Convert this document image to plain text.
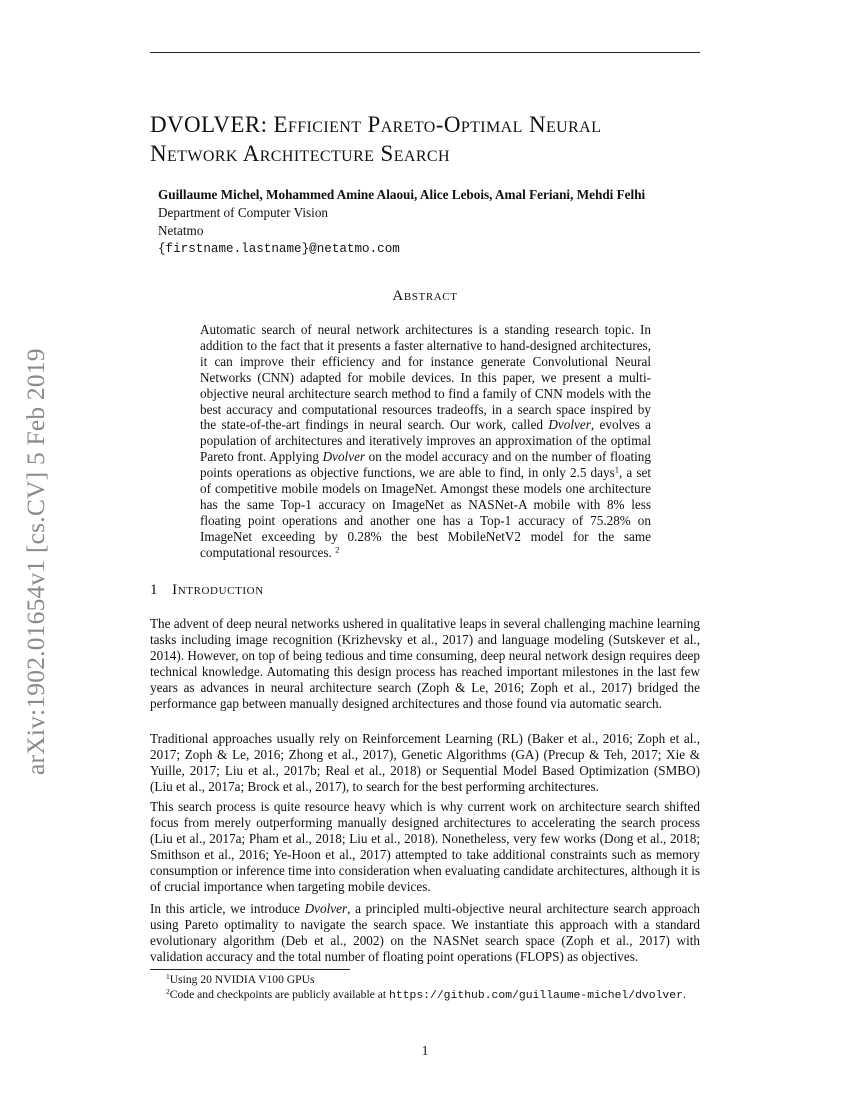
arXiv:1902.01654v1 [cs.CV] 5 Feb 2019
DVOLVER: Efficient Pareto-Optimal Neural
Network Architecture Search
Guillaume Michel, Mohammed Amine Alaoui, Alice Lebois, Amal Feriani, Mehdi Felhi
Department of Computer Vision
Netatmo
{firstname.lastname}@netatmo.com
Abstract

Automatic search of neural network architectures is a standing research topic. In addition to the fact that it presents a faster alternative to hand-designed architectures, it can improve their efficiency and for instance generate Convolutional Neural Networks (CNN) adapted for mobile devices. In this paper, we present a multi-objective neural architecture search method to find a family of CNN models with the best accuracy and computational resources tradeoffs, in a search space inspired by the state-of-the-art findings in neural search. Our work, called Dvolver, evolves a population of architectures and iteratively improves an approximation of the optimal Pareto front. Applying Dvolver on the model accuracy and on the number of floating points operations as objective functions, we are able to find, in only 2.5 days$^1$, a set of competitive mobile models on ImageNet. Amongst these models one architecture has the same Top-1 accuracy on ImageNet as NASNet-A mobile with 8% less floating point operations and another one has a Top-1 accuracy of 75.28% on ImageNet exceeding by 0.28% the best MobileNetV2 model for the same computational resources. $^2$

1 Introduction

The advent of deep neural networks ushered in qualitative leaps in several challenging machine learning tasks including image recognition (Krizhevsky et al., 2017) and language modeling (Sutskever et al., 2014). However, on top of being tedious and time consuming, deep neural network design requires deep technical knowledge. Automating this design process has reached important milestones in the last few years as advances in neural architecture search (Zoph & Le, 2016; Zoph et al., 2017) bridged the performance gap between manually designed architectures and those found via automatic search.

Traditional approaches usually rely on Reinforcement Learning (RL) (Baker et al., 2016; Zoph et al., 2017; Zoph & Le, 2016; Zhong et al., 2017), Genetic Algorithms (GA) (Precup & Teh, 2017; Xie & Yuille, 2017; Liu et al., 2017b; Real et al., 2018) or Sequential Model Based Optimization (SMBO) (Liu et al., 2017a; Brock et al., 2017), to search for the best performing architectures.

This search process is quite resource heavy which is why current work on architecture search shifted focus from merely outperforming manually designed architectures to accelerating the search process (Liu et al., 2017a; Pham et al., 2018; Liu et al., 2018). Nonetheless, very few works (Dong et al., 2018; Smithson et al., 2016; Ye-Hoon et al., 2017) attempted to take additional constraints such as memory consumption or inference time into consideration when evaluating candidate architectures, although it is of crucial importance when targeting mobile devices.

In this article, we introduce Dvolver, a principled multi-objective neural architecture search approach using Pareto optimality to navigate the search space. We instantiate this approach with a standard evolutionary algorithm (Deb et al., 2002) on the NASNet search space (Zoph et al., 2017) with validation accuracy and the total number of floating point operations (FLOPS) as objectives.

$^1$Using 20 NVIDIA V100 GPUs

$^2$Code and checkpoints are publicly available at https://github.com/guillaume-michel/dvolver.

1
